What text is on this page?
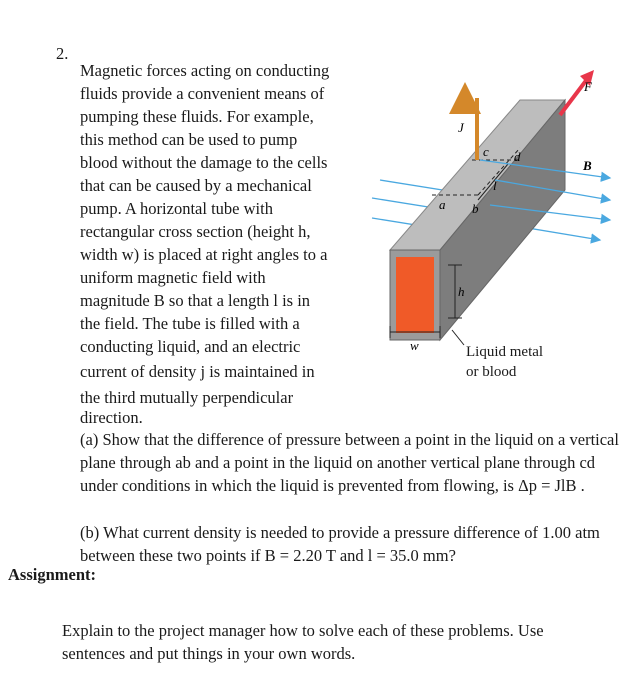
2.

Magnetic forces acting on conducting

fluids provide a convenient means of

pumping these fluids. For example,

this method can be used to pump

blood without the damage to the cells

that can be caused by a mechanical

pump. A horizontal tube with

rectangular cross section (height h,

width w) is placed at right angles to a

uniform magnetic field with

magnitude B so that a length l is in

the field. The tube is filled with a

conducting liquid, and an electric

current of density j is maintained in

the third mutually perpendicular

direction.

(a) Show that the difference of pressure between a point in the liquid on a vertical plane through ab and a point in the liquid on another vertical plane through cd under conditions in which the liquid is prevented from flowing, is Δp = JlB .

(b) What current density is needed to provide a pressure difference of 1.00 atm between these two points if B = 2.20 T and l = 35.0 mm?

F
J
B
a b
c d
l
h
w	Liquid metal
or blood

Assignment:

Explain to the project manager how to solve each of these problems. Use sentences and put things in your own words.
